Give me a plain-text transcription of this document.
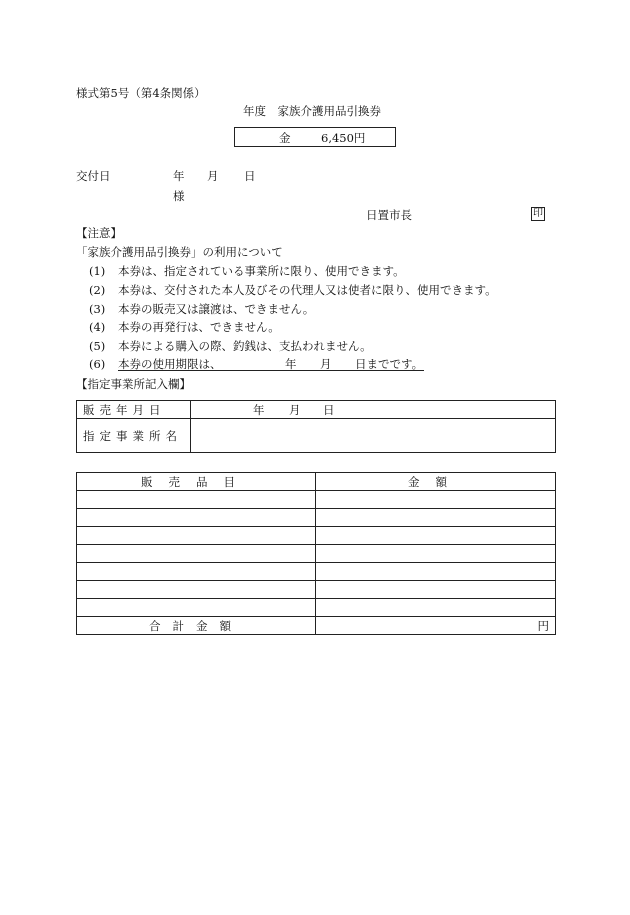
様式第5号（第4条関係）
年度　家族介護用品引換券
金	6,450円
交付日	年 月 日
様
日置市長	印
【注意】
「家族介護用品引換券」の利用について
(1) 本券は、指定されている事業所に限り、使用できます。
(2) 本券は、交付された本人及びその代理人又は使者に限り、使用できます。
(3) 本券の販売又は譲渡は、できません。
(4) 本券の再発行は、できません。
(5) 本券による購入の際、釣銭は、支払われません。
(6) 本券の使用期限は、	年 月 日までです。
【指定事業所記入欄】
販売年月日	年 月 日
指定事業所名	
販売品目	金額

合計金額	円
